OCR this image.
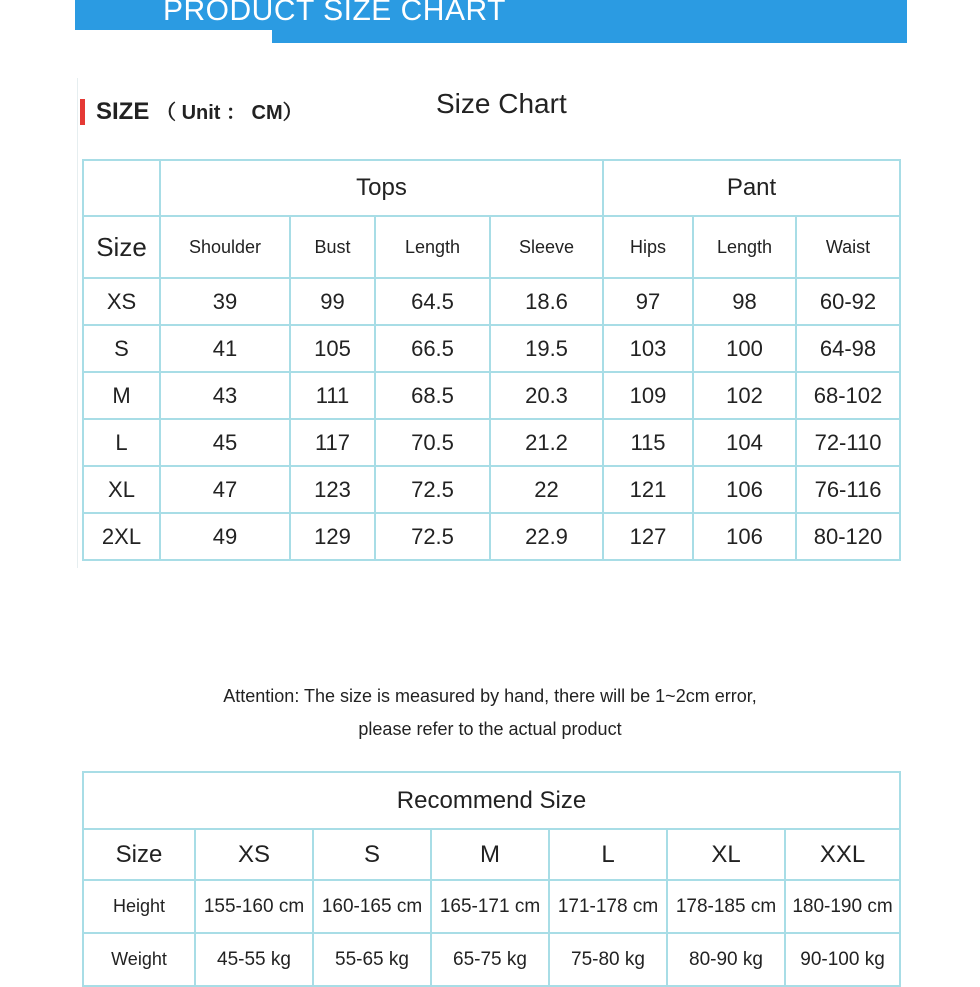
PRODUCT SIZE CHART
SIZE （ Unit ： CM）	Size Chart
	Tops				Pant		
Size	Shoulder	Bust	Length	Sleeve	Hips	Length	Waist
XS	39	99	64.5	18.6	97	98	60-92
S	41	105	66.5	19.5	103	100	64-98
M	43	111	68.5	20.3	109	102	68-102
L	45	117	70.5	21.2	115	104	72-110
XL	47	123	72.5	22	121	106	76-116
2XL	49	129	72.5	22.9	127	106	80-120
Attention: The size is measured by hand, there will be 1~2cm error,
please refer to the actual product
Recommend Size						
Size	XS	S	M	L	XL	XXL
Height	155-160 cm	160-165 cm	165-171 cm	171-178 cm	178-185 cm	180-190 cm
Weight	45-55 kg	55-65 kg	65-75 kg	75-80 kg	80-90 kg	90-100 kg
